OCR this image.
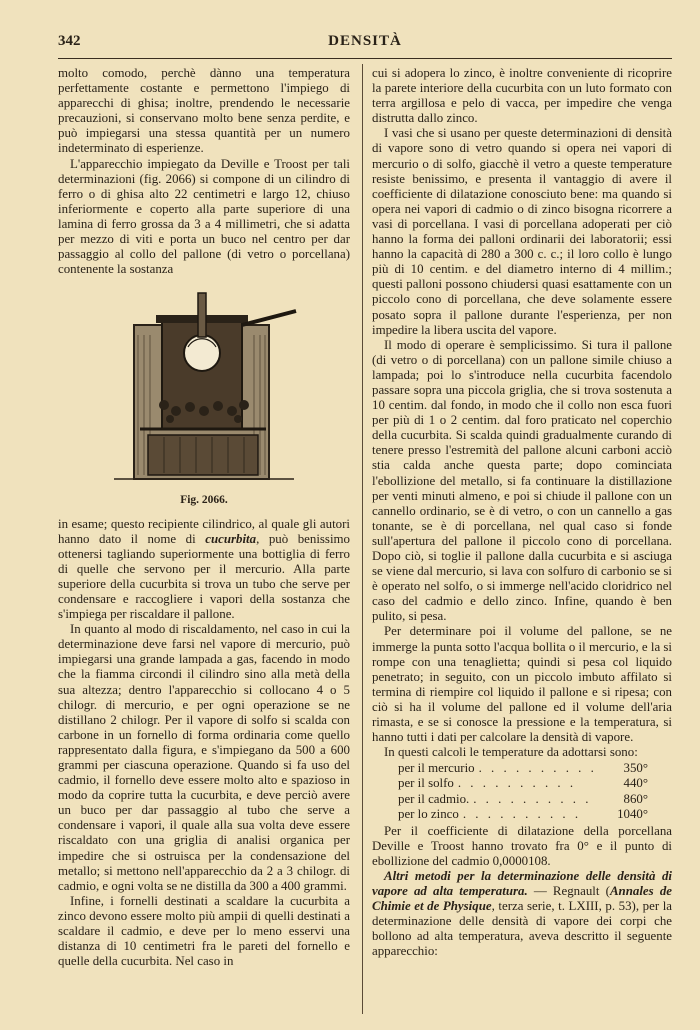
342	DENSITÀ

molto comodo, perchè dànno una temperatura perfettamente costante e permettono l'impiego di apparecchi di ghisa; inoltre, prendendo le necessarie precauzioni, si conservano molto bene senza perdite, e può impiegarsi una stessa quantità per un numero indeterminato di esperienze.

L'apparecchio impiegato da Deville e Troost per tali determinazioni (fig. 2066) si compone di un cilindro di ferro o di ghisa alto 22 centimetri e largo 12, chiuso inferiormente e coperto alla parte superiore di una lamina di ferro grossa da 3 a 4 millimetri, che si adatta per mezzo di viti e porta un buco nel centro per dar passaggio al collo del pallone (di vetro o porcellana) contenente la sostanza

Fig. 2066.

in esame; questo recipiente cilindrico, al quale gli autori hanno dato il nome di cucurbita, può benissimo ottenersi tagliando superiormente una bottiglia di ferro di quelle che servono per il mercurio. Alla parte superiore della cucurbita si trova un tubo che serve per condensare e raccogliere i vapori della sostanza che s'impiega per riscaldare il pallone.

In quanto al modo di riscaldamento, nel caso in cui la determinazione deve farsi nel vapore di mercurio, può impiegarsi una grande lampada a gas, facendo in modo che la fiamma circondi il cilindro sino alla metà della sua altezza; dentro l'apparecchio si collocano 4 o 5 chilogr. di mercurio, e per ogni operazione se ne distillano 2 chilogr. Per il vapore di solfo si scalda con carbone in un fornello di forma ordinaria come quello rappresentato dalla figura, e s'impiegano da 500 a 600 grammi per ciascuna operazione. Quando si fa uso del cadmio, il fornello deve essere molto alto e spazioso in modo da coprire tutta la cucurbita, e deve perciò avere un buco per dar passaggio al tubo che serve a condensare i vapori, il quale alla sua volta deve essere riscaldato con una griglia di analisi organica per impedire che si ostruisca per la condensazione del metallo; si mettono nell'apparecchio da 2 a 3 chilogr. di cadmio, e ogni volta se ne distilla da 300 a 400 grammi.

Infine, i fornelli destinati a scaldare la cucurbita a zinco devono essere molto più ampii di quelli destinati a scaldare il cadmio, e deve per lo meno esservi una distanza di 10 centimetri fra le pareti del fornello e quelle della cucurbita. Nel caso in

cui si adopera lo zinco, è inoltre conveniente di ricoprire la parete interiore della cucurbita con un luto formato con terra argillosa e pelo di vacca, per impedire che venga distrutta dallo zinco.

I vasi che si usano per queste determinazioni di densità di vapore sono di vetro quando si opera nei vapori di mercurio o di solfo, giacchè il vetro a queste temperature resiste benissimo, e presenta il vantaggio di avere il coefficiente di dilatazione conosciuto bene: ma quando si opera nei vapori di cadmio o di zinco bisogna ricorrere a vasi di porcellana. I vasi di porcellana adoperati per ciò hanno la forma dei palloni ordinarii dei laboratorii; essi hanno la capacità di 280 a 300 c. c.; il loro collo è lungo più di 10 centim. e del diametro interno di 4 millim.; questi palloni possono chiudersi quasi esattamente con un piccolo cono di porcellana, che deve solamente essere posato sopra il pallone durante l'esperienza, per non impedire la libera uscita del vapore.

Il modo di operare è semplicissimo. Si tura il pallone (di vetro o di porcellana) con un pallone simile chiuso a lampada; poi lo s'introduce nella cucurbita facendolo passare sopra una piccola griglia, che si trova sostenuta a 10 centim. dal fondo, in modo che il collo non esca fuori per più di 1 o 2 centim. dal foro praticato nel coperchio della cucurbita. Si scalda quindi gradualmente curando di tenere presso l'estremità del pallone alcuni carboni acciò stia calda anche questa parte; dopo cominciata l'ebollizione del metallo, si fa continuare la distillazione per venti minuti almeno, e poi si chiude il pallone con un cannello ordinario, se è di vetro, o con un cannello a gas tonante, se è di porcellana, nel qual caso si fonde sull'apertura del pallone il piccolo cono di porcellana. Dopo ciò, si toglie il pallone dalla cucurbita e si asciuga se viene dal mercurio, si lava con solfuro di carbonio se si è operato nel solfo, o si immerge nell'acido cloridrico nel caso del cadmio e dello zinco. Infine, quando è ben pulito, si pesa.

Per determinare poi il volume del pallone, se ne immerge la punta sotto l'acqua bollita o il mercurio, e la si rompe con una tenaglietta; quindi si pesa col liquido penetrato; in seguito, con un piccolo imbuto affilato si termina di riempire col liquido il pallone e si ripesa; con ciò si ha il volume del pallone ed il volume dell'aria rimasta, e se si conosce la pressione e la temperatura, si hanno tutti i dati per calcolare la densità di vapore.

In questi calcoli le temperature da adottarsi sono:

per il mercurio . . . . . . . . . .	350°
per il solfo . . . . . . . . . .	440°
per il cadmio. . . . . . . . . . .	860°
per lo zinco . . . . . . . . . .	1040°

Per il coefficiente di dilatazione della porcellana Deville e Troost hanno trovato fra 0° e il punto di ebollizione del cadmio 0,0000108.

Altri metodi per la determinazione delle densità di vapore ad alta temperatura. — Regnault (Annales de Chimie et de Physique, terza serie, t. LXIII, p. 53), per la determinazione delle densità di vapore dei corpi che bollono ad alta temperatura, aveva descritto il seguente apparecchio:
